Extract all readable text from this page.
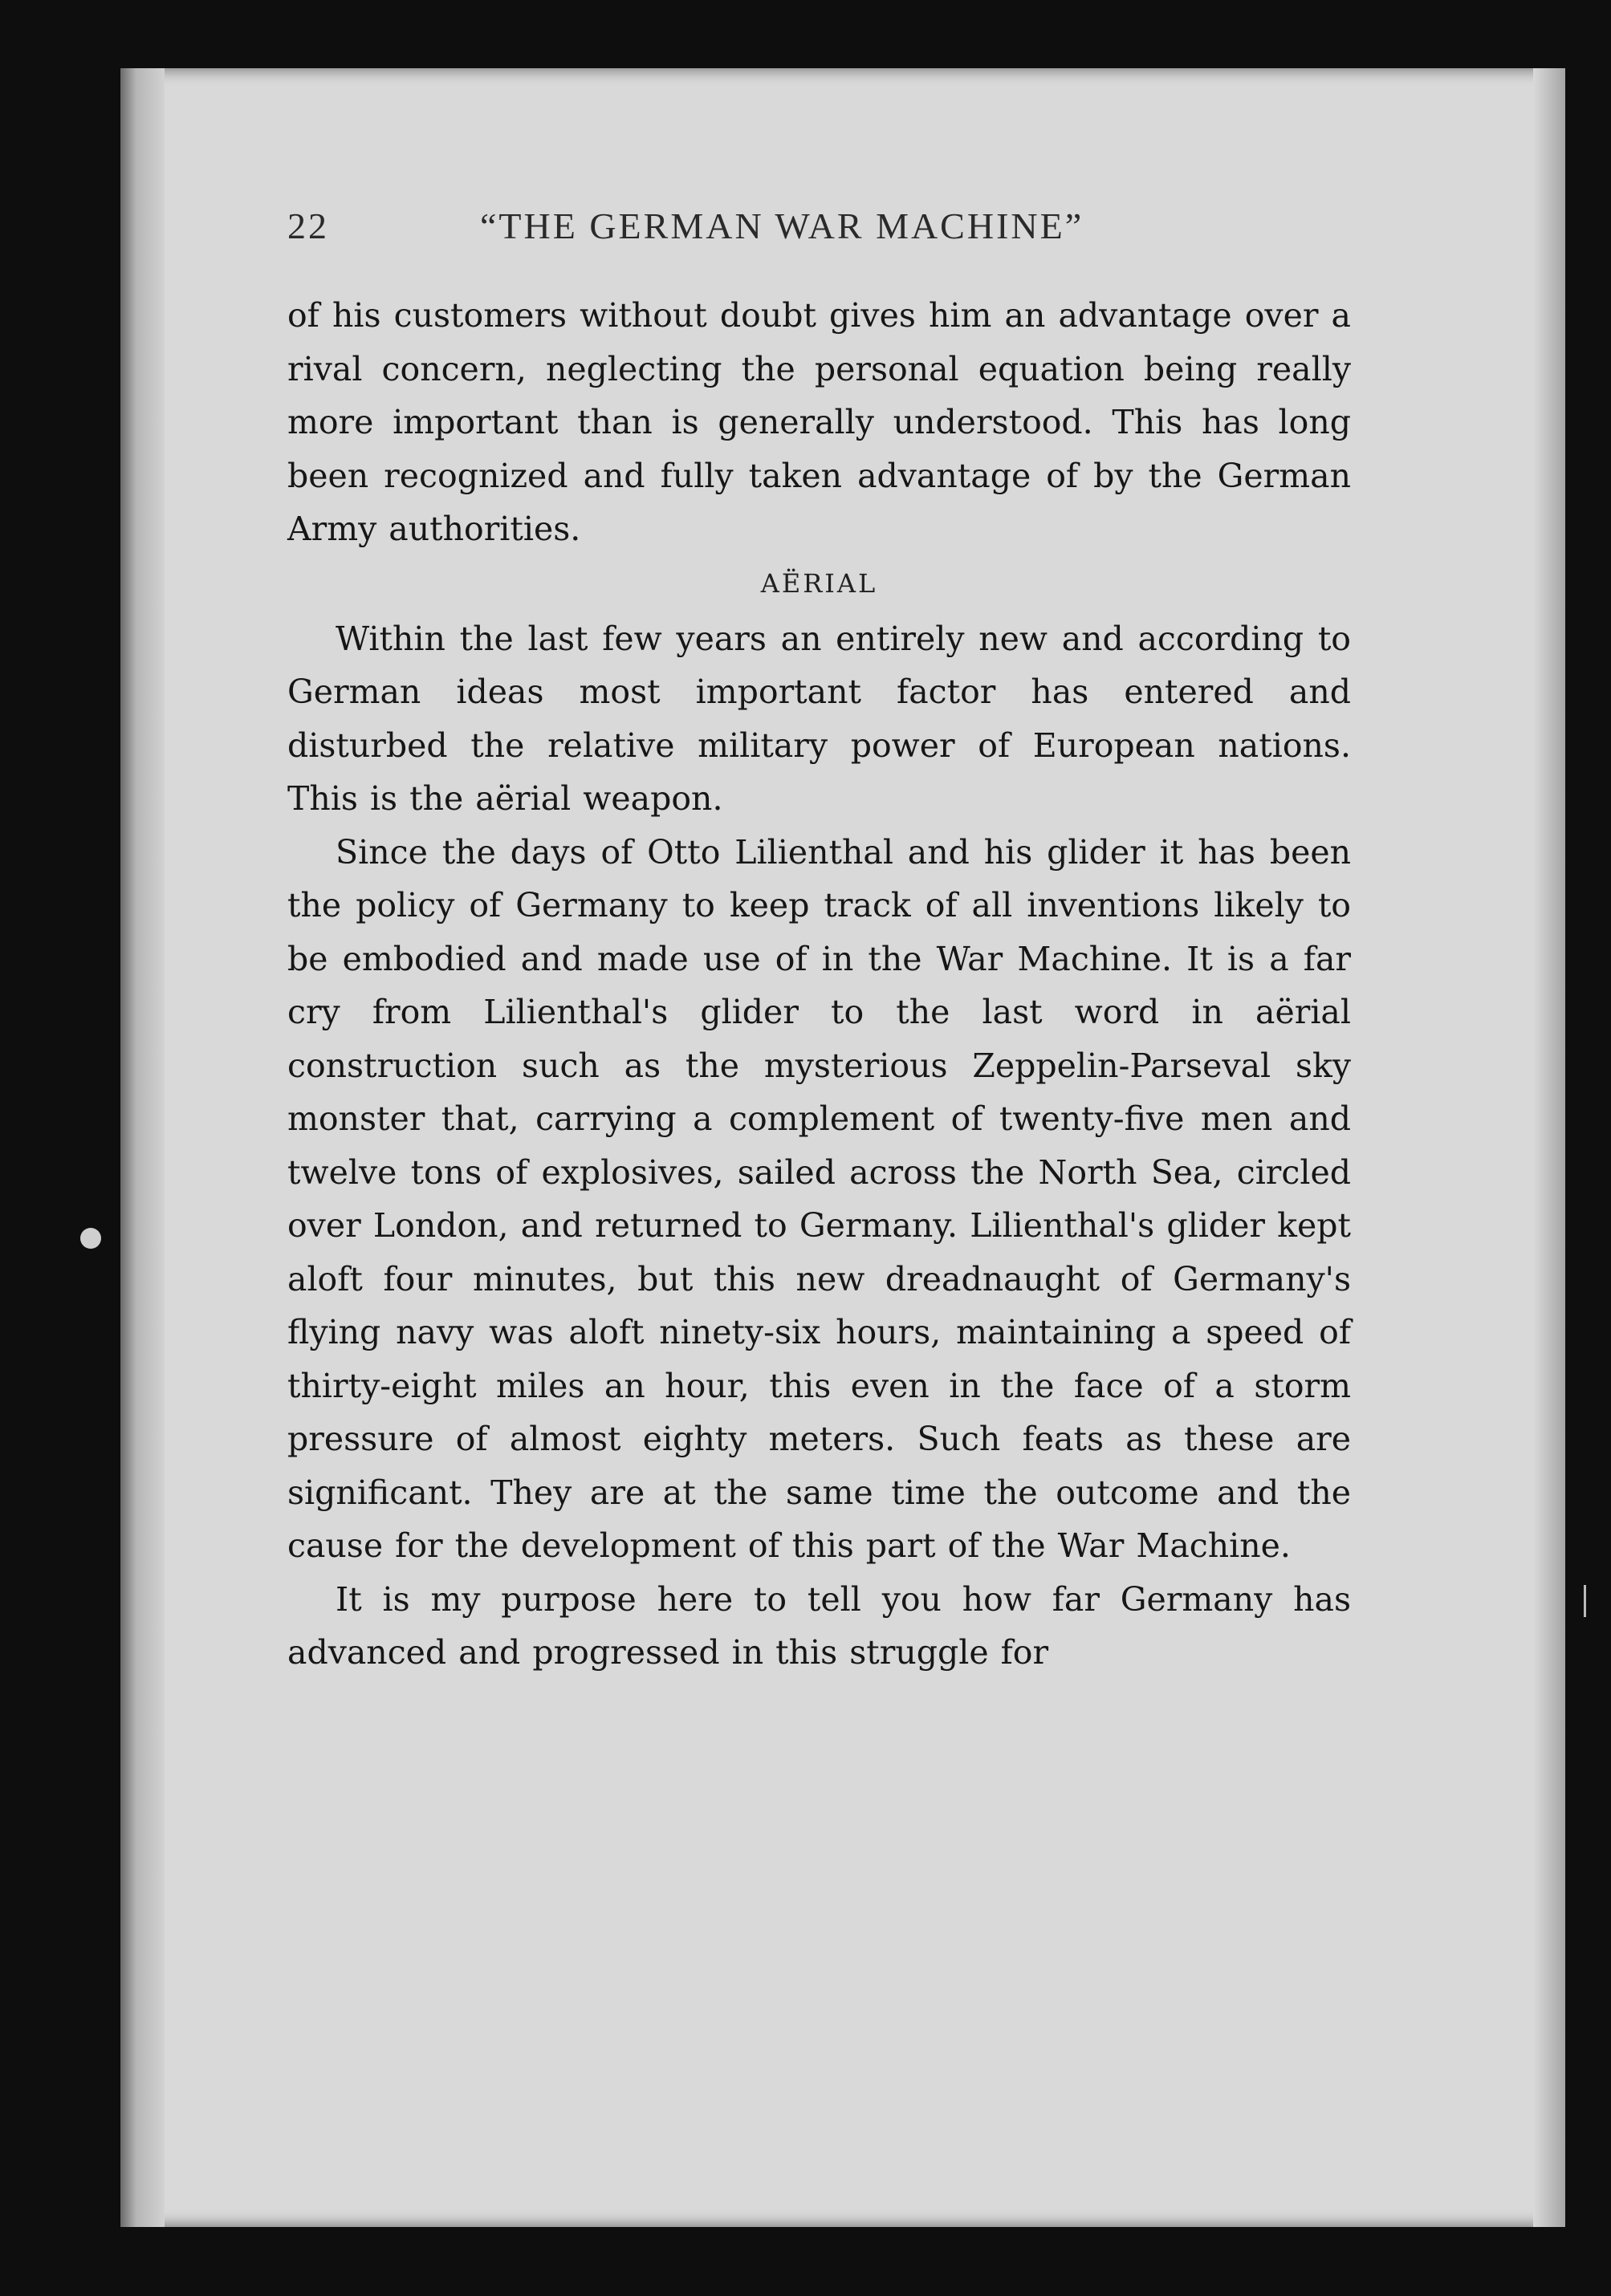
22	“THE GERMAN WAR MACHINE”

of his customers without doubt gives him an advantage over a rival concern, neglecting the personal equation being really more important than is generally understood. This has long been recognized and fully taken advantage of by the German Army authorities.

AËRIAL

Within the last few years an entirely new and according to German ideas most important factor has entered and disturbed the relative military power of European nations. This is the aërial weapon.

Since the days of Otto Lilienthal and his glider it has been the policy of Germany to keep track of all inventions likely to be embodied and made use of in the War Machine. It is a far cry from Lilienthal's glider to the last word in aërial construction such as the mysterious Zeppelin-Parseval sky monster that, carrying a complement of twenty-five men and twelve tons of explosives, sailed across the North Sea, circled over London, and returned to Germany. Lilienthal's glider kept aloft four minutes, but this new dreadnaught of Germany's flying navy was aloft ninety-six hours, maintaining a speed of thirty-eight miles an hour, this even in the face of a storm pressure of almost eighty meters. Such feats as these are significant. They are at the same time the outcome and the cause for the development of this part of the War Machine.

It is my purpose here to tell you how far Germany has advanced and progressed in this struggle for
